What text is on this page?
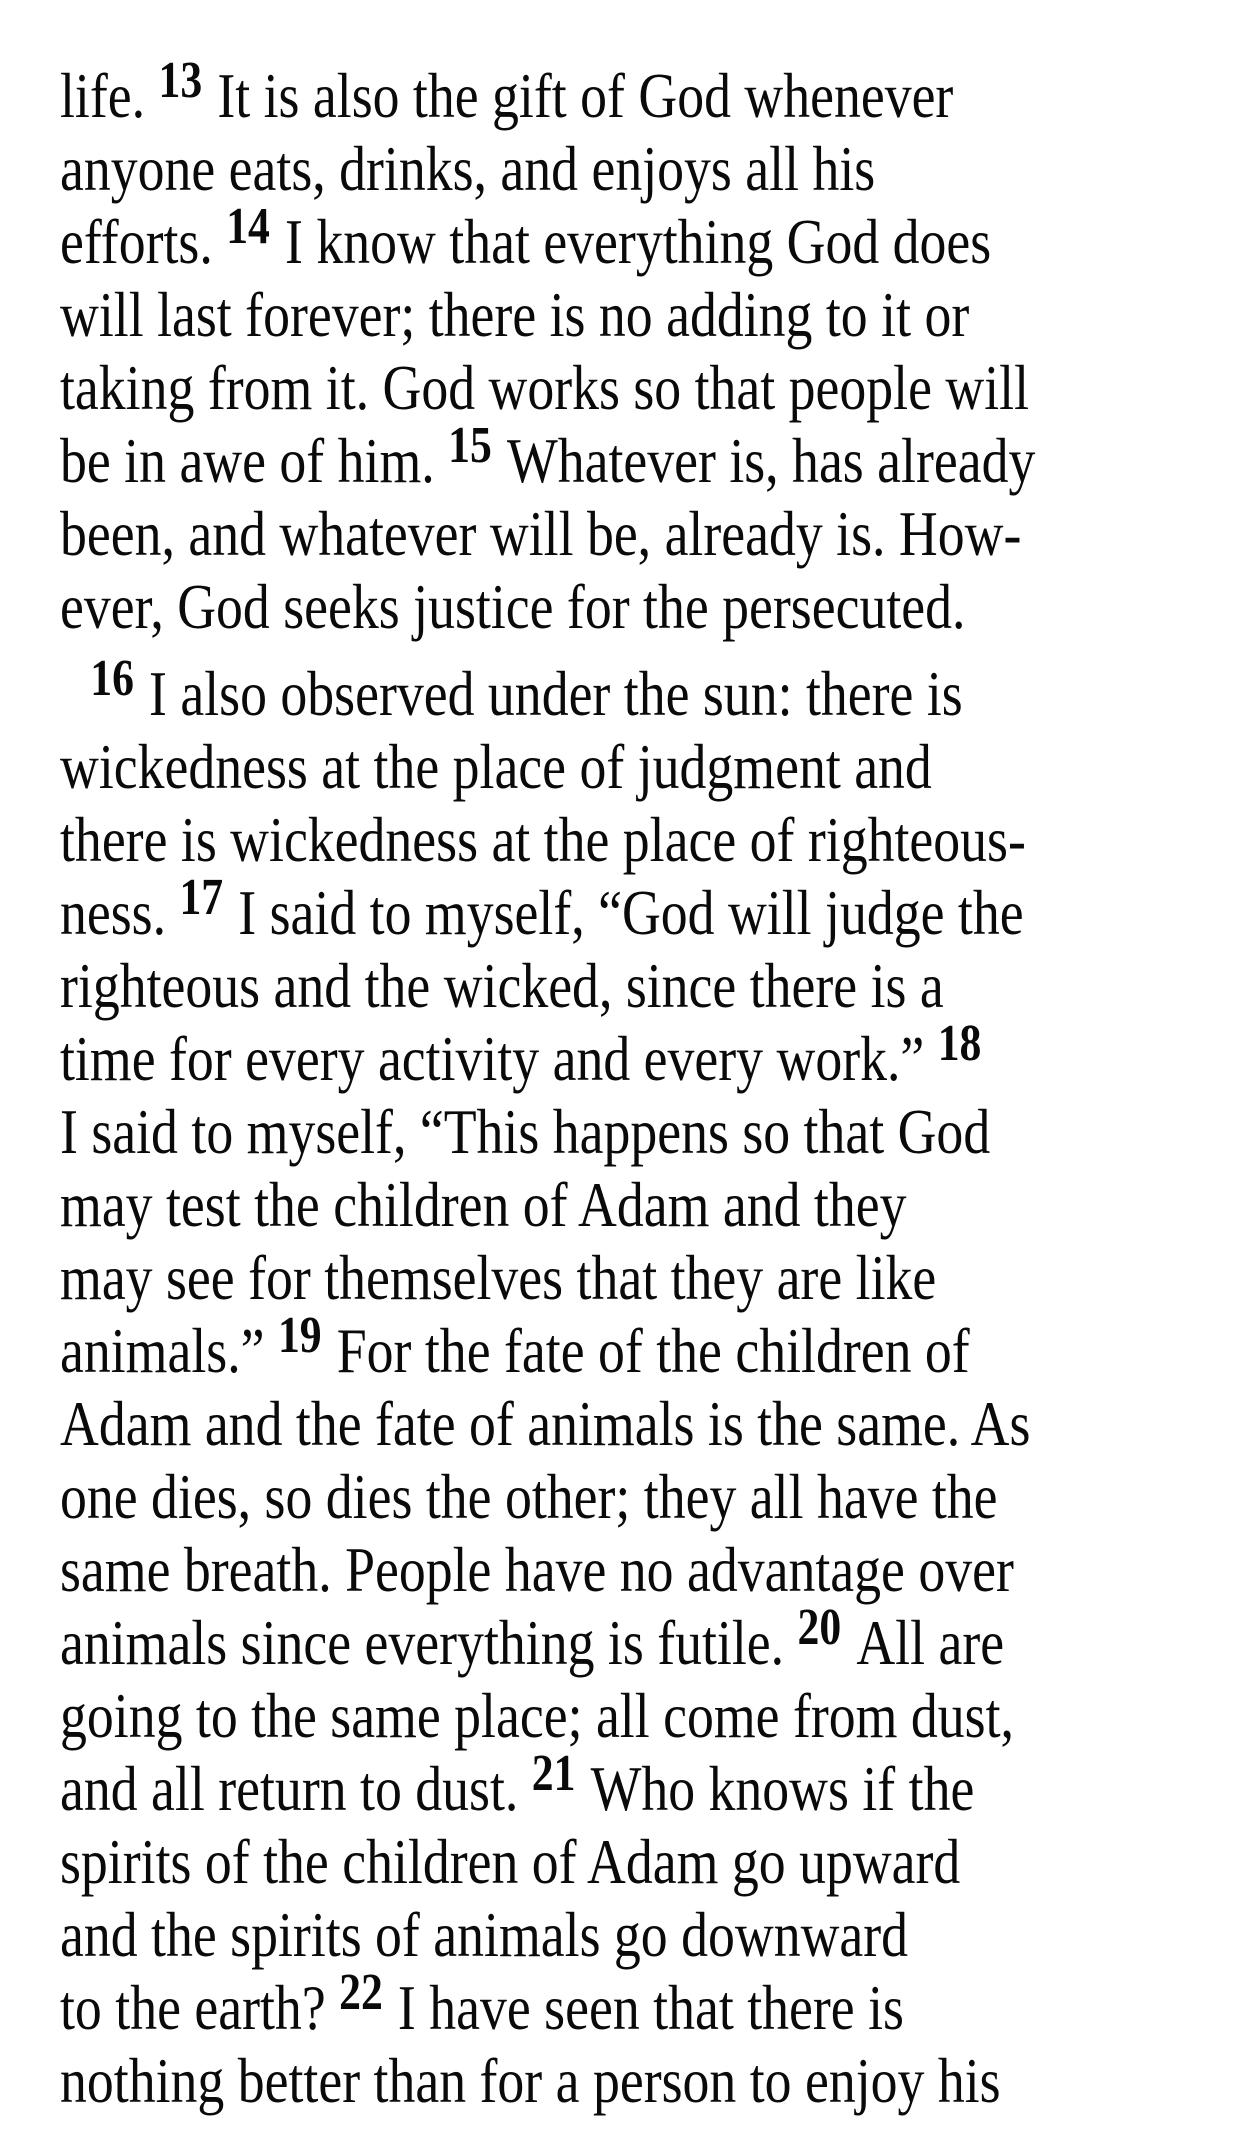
life. $^{13}$ It is also the gift of God whenever
anyone eats, drinks, and enjoys all his
efforts. $^{14}$ I know that everything God does
will last forever; there is no adding to it or
taking from it. God works so that people will
be in awe of him. $^{15}$ Whatever is, has already
been, and whatever will be, already is. How-
ever, God seeks justice for the persecuted.
$^{16}$ I also observed under the sun: there is
wickedness at the place of judgment and
there is wickedness at the place of righteous-
ness. $^{17}$ I said to myself, “God will judge the
righteous and the wicked, since there is a
time for every activity and every work.” $^{18}$
I said to myself, “This happens so that God
may test the children of Adam and they
may see for themselves that they are like
animals.” $^{19}$ For the fate of the children of
Adam and the fate of animals is the same. As
one dies, so dies the other; they all have the
same breath. People have no advantage over
animals since everything is futile. $^{20}$ All are
going to the same place; all come from dust,
and all return to dust. $^{21}$ Who knows if the
spirits of the children of Adam go upward
and the spirits of animals go downward
to the earth? $^{22}$ I have seen that there is
nothing better than for a person to enjoy his
